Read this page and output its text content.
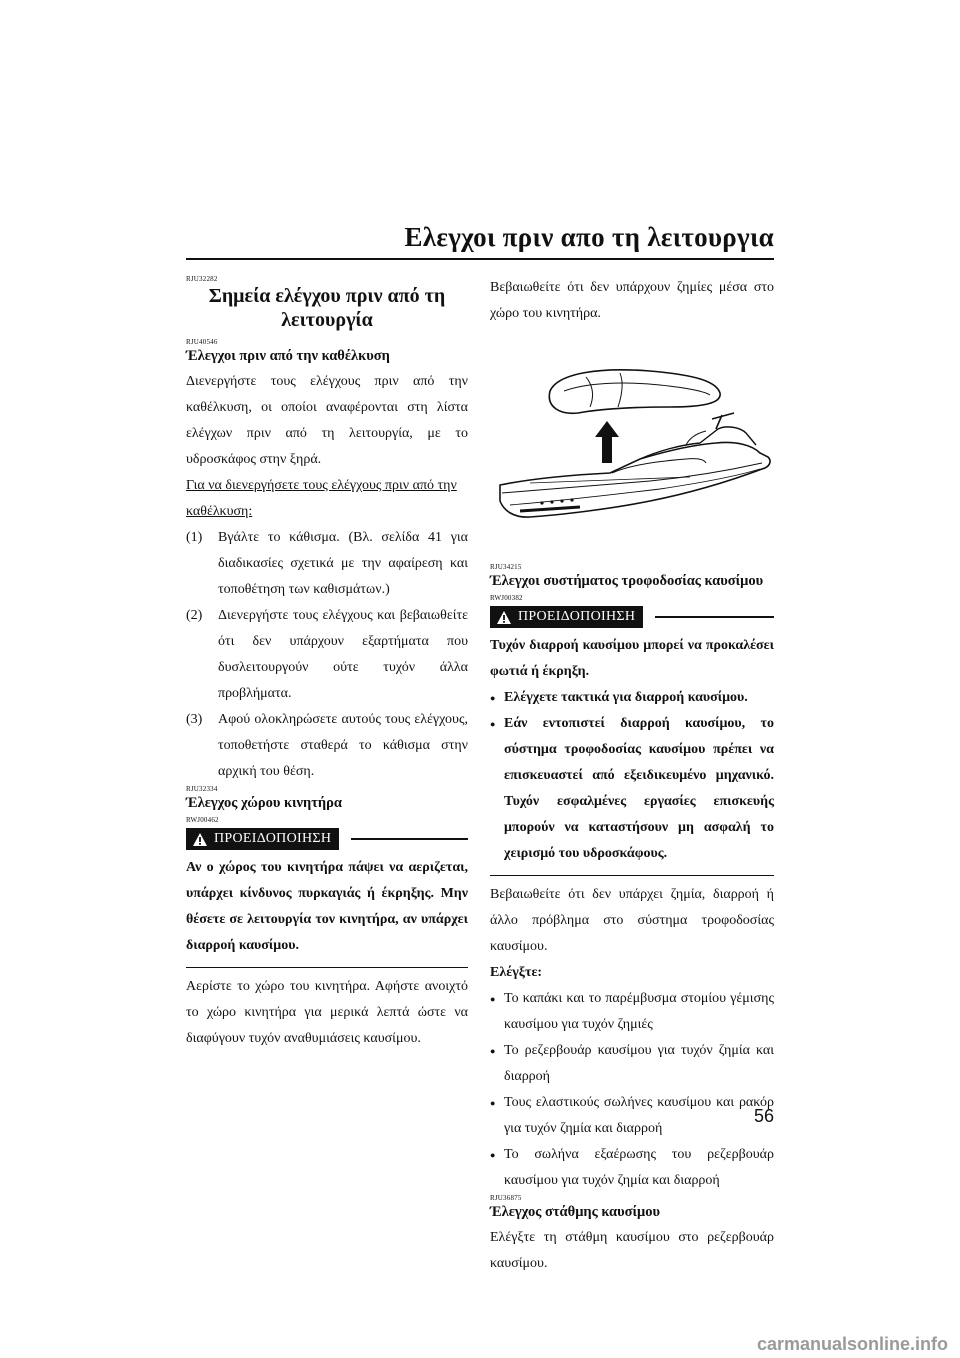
Ελεγχοι πριν απο τη λειτουργια
RJU32282
Σημεία ελέγχου πριν από τη λειτουργία
RJU40546
Έλεγχοι πριν από την καθέλκυση

Διενεργήστε τους ελέγχους πριν από την καθέλκυση, οι οποίοι αναφέρονται στη λίστα ελέγχων πριν από τη λειτουργία, με το υδροσκάφος στην ξηρά.

Για να διενεργήσετε τους ελέγχους πριν από την καθέλκυση:

(1) Βγάλτε το κάθισμα. (Βλ. σελίδα 41 για διαδικασίες σχετικά με την αφαίρεση και τοποθέτηση των καθισμάτων.)
(2) Διενεργήστε τους ελέγχους και βεβαιωθείτε ότι δεν υπάρχουν εξαρτήματα που δυσλειτουργούν ούτε τυχόν άλλα προβλήματα.
(3) Αφού ολοκληρώσετε αυτούς τους ελέγχους, τοποθετήστε σταθερά το κάθισμα στην αρχική του θέση.
RJU32334
Έλεγχος χώρου κινητήρα
RWJ00462
ΠΡΟΕΙΔΟΠΟΙΗΣΗ
Αν ο χώρος του κινητήρα πάψει να αεριζεται, υπάρχει κίνδυνος πυρκαγιάς ή έκρηξης. Μην θέσετε σε λειτουργία τον κινητήρα, αν υπάρχει διαρροή καυσίμου.

Αερίστε το χώρο του κινητήρα. Αφήστε ανοιχτό το χώρο κινητήρα για μερικά λεπτά ώστε να διαφύγουν τυχόν αναθυμιάσεις καυσίμου.

Βεβαιωθείτε ότι δεν υπάρχουν ζημίες μέσα στο χώρο του κινητήρα.

RJU34215
Έλεγχοι συστήματος τροφοδοσίας καυσίμου
RWJ00382
ΠΡΟΕΙΔΟΠΟΙΗΣΗ
Τυχόν διαρροή καυσίμου μπορεί να προκαλέσει φωτιά ή έκρηξη.
● Ελέγχετε τακτικά για διαρροή καυσίμου.
● Εάν εντοπιστεί διαρροή καυσίμου, το σύστημα τροφοδοσίας καυσίμου πρέπει να επισκευαστεί από εξειδικευμένο μηχανικό. Τυχόν εσφαλμένες εργασίες επισκευής μπορούν να καταστήσουν μη ασφαλή το χειρισμό του υδροσκάφους.

Βεβαιωθείτε ότι δεν υπάρχει ζημία, διαρροή ή άλλο πρόβλημα στο σύστημα τροφοδοσίας καυσίμου.

Ελέγξτε:
● Το καπάκι και το παρέμβυσμα στομίου γέμισης καυσίμου για τυχόν ζημιές
● Το ρεζερβουάρ καυσίμου για τυχόν ζημία και διαρροή
● Τους ελαστικούς σωλήνες καυσίμου και ρακόρ για τυχόν ζημία και διαρροή
● Το σωλήνα εξαέρωσης του ρεζερβουάρ καυσίμου για τυχόν ζημία και διαρροή
RJU36875
Έλεγχος στάθμης καυσίμου

Ελέγξτε τη στάθμη καυσίμου στο ρεζερβουάρ καυσίμου.

56
carmanualsonline.info
